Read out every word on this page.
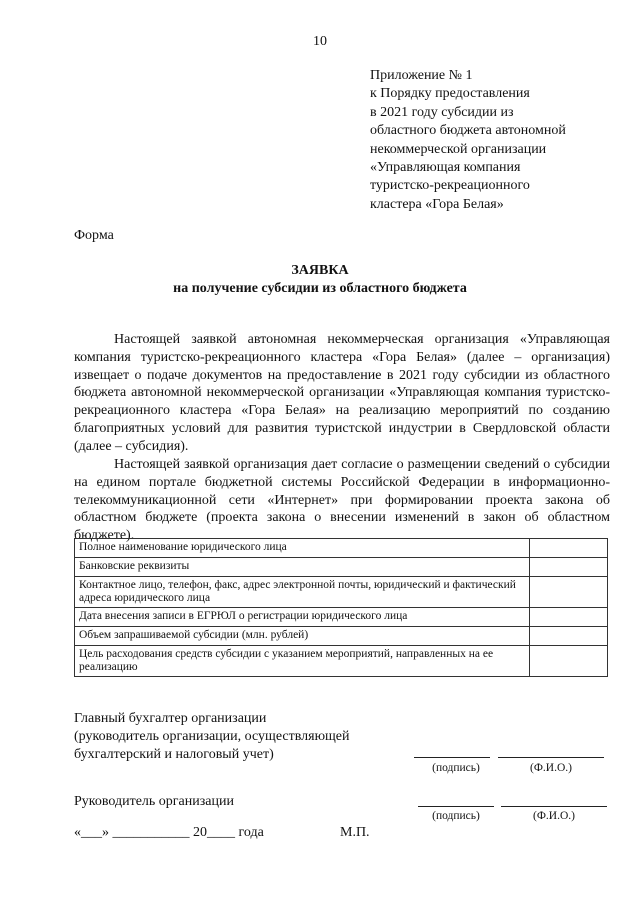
10
Приложение № 1
к Порядку предоставления
в 2021 году субсидии из
областного бюджета автономной
некоммерческой организации
«Управляющая компания
туристско-рекреационного
кластера «Гора Белая»
Форма
ЗАЯВКА
на получение субсидии из областного бюджета
Настоящей заявкой автономная некоммерческая организация «Управляющая компания туристско-рекреационного кластера «Гора Белая» (далее – организация) извещает о подаче документов на предоставление в 2021 году субсидии из областного бюджета автономной некоммерческой организации «Управляющая компания туристско-рекреационного кластера «Гора Белая» на реализацию мероприятий по созданию благоприятных условий для развития туристской индустрии в Свердловской области (далее – субсидия).
Настоящей заявкой организация дает согласие о размещении сведений о субсидии на едином портале бюджетной системы Российской Федерации в информационно-телекоммуникационной сети «Интернет» при формировании проекта закона об областном бюджете (проекта закона о внесении изменений в закон об областном бюджете).
Полное наименование юридического лица	
Банковские реквизиты	
Контактное лицо, телефон, факс, адрес электронной почты, юридический и фактический адреса юридического лица	
Дата внесения записи в ЕГРЮЛ о регистрации юридического лица	
Объем запрашиваемой субсидии (млн. рублей)	
Цель расходования средств субсидии с указанием мероприятий, направленных на ее реализацию	
Главный бухгалтер организации
(руководитель организации, осуществляющей
бухгалтерский и налоговый учет)
(подпись)	(Ф.И.О.)
Руководитель организации
(подпись)	(Ф.И.О.)
«___» ___________ 20____ года	М.П.
